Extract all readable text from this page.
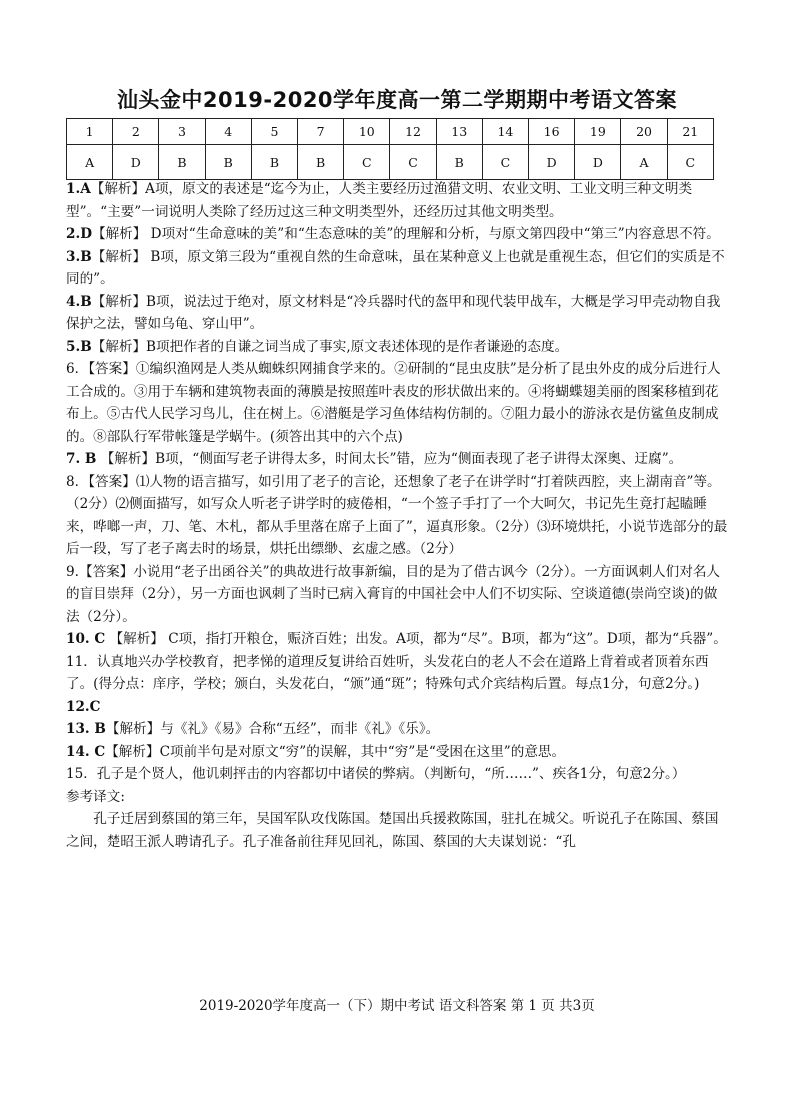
汕头金中2019-2020学年度高一第二学期期中考语文答案
1	2	3	4	5	7	10	12	13	14	16	19	20	21
A	D	B	B	B	B	C	C	B	C	D	D	A	C

1.A【解析】A项，原文的表述是“迄今为止，人类主要经历过渔猎文明、农业文明、工业文明三种文明类型”。“主要”一词说明人类除了经历过这三种文明类型外，还经历过其他文明类型。

2.D【解析】 D项对“生命意味的美”和“生态意味的美”的理解和分析，与原文第四段中“第三”内容意思不符。

3.B【解析】 B项，原文第三段为“重视自然的生命意味，虽在某种意义上也就是重视生态，但它们的实质是不同的”。

4.B【解析】B项，说法过于绝对，原文材料是“冷兵器时代的盔甲和现代装甲战车，大概是学习甲壳动物自我保护之法，譬如乌龟、穿山甲”。

5.B【解析】B项把作者的自谦之词当成了事实,原文表述体现的是作者谦逊的态度。

6．【答案】①编织渔网是人类从蜘蛛织网捕食学来的。②研制的“昆虫皮肤”是分析了昆虫外皮的成分后进行人工合成的。③用于车辆和建筑物表面的薄膜是按照莲叶表皮的形状做出来的。④将蝴蝶翅美丽的图案移植到花布上。⑤古代人民学习鸟儿，住在树上。⑥潜艇是学习鱼体结构仿制的。⑦阻力最小的游泳衣是仿鲨鱼皮制成的。⑧部队行军带帐篷是学蜗牛。(须答出其中的六个点)

7. B 【解析】B项，“侧面写老子讲得太多，时间太长”错，应为“侧面表现了老子讲得太深奥、迂腐”。

8．【答案】⑴人物的语言描写，如引用了老子的言论，还想象了老子在讲学时“打着陕西腔，夹上湖南音”等。（2分）⑵侧面描写，如写众人听老子讲学时的疲倦相，“一个签子手打了一个大呵欠，书记先生竟打起瞌睡来，哗啷一声，刀、笔、木札，都从手里落在席子上面了”，逼真形象。（2分）⑶环境烘托，小说节选部分的最后一段，写了老子离去时的场景，烘托出缥缈、玄虚之感。（2分）

9.【答案】小说用“老子出函谷关”的典故进行故事新编，目的是为了借古讽今（2分）。一方面讽刺人们对名人的盲目崇拜（2分），另一方面也讽刺了当时已病入膏肓的中国社会中人们不切实际、空谈道德(崇尚空谈)的做法（2分）。

10. C 【解析】 C项，指打开粮仓，赈济百姓；出发。A项，都为“尽”。B项，都为“这”。D项，都为“兵器”。

11．认真地兴办学校教育，把孝悌的道理反复讲给百姓听，头发花白的老人不会在道路上背着或者顶着东西了。(得分点：庠序，学校；颁白，头发花白，“颁”通“斑”；特殊句式介宾结构后置。每点1分，句意2分。)

12.C

13. B【解析】与《礼》《易》合称“五经”，而非《礼》《乐》。

14. C【解析】C项前半句是对原文“穷”的误解，其中“穷”是“受困在这里”的意思。

15．孔子是个贤人，他讥刺抨击的内容都切中诸侯的弊病。（判断句，“所……”、疾各1分，句意2分。）

参考译文:

孔子迁居到蔡国的第三年，吴国军队攻伐陈国。楚国出兵援救陈国，驻扎在城父。听说孔子在陈国、蔡国之间，楚昭王派人聘请孔子。孔子准备前往拜见回礼，陈国、蔡国的大夫谋划说：“孔

2019-2020学年度高一（下）期中考试 语文科答案 第 1 页 共3页
